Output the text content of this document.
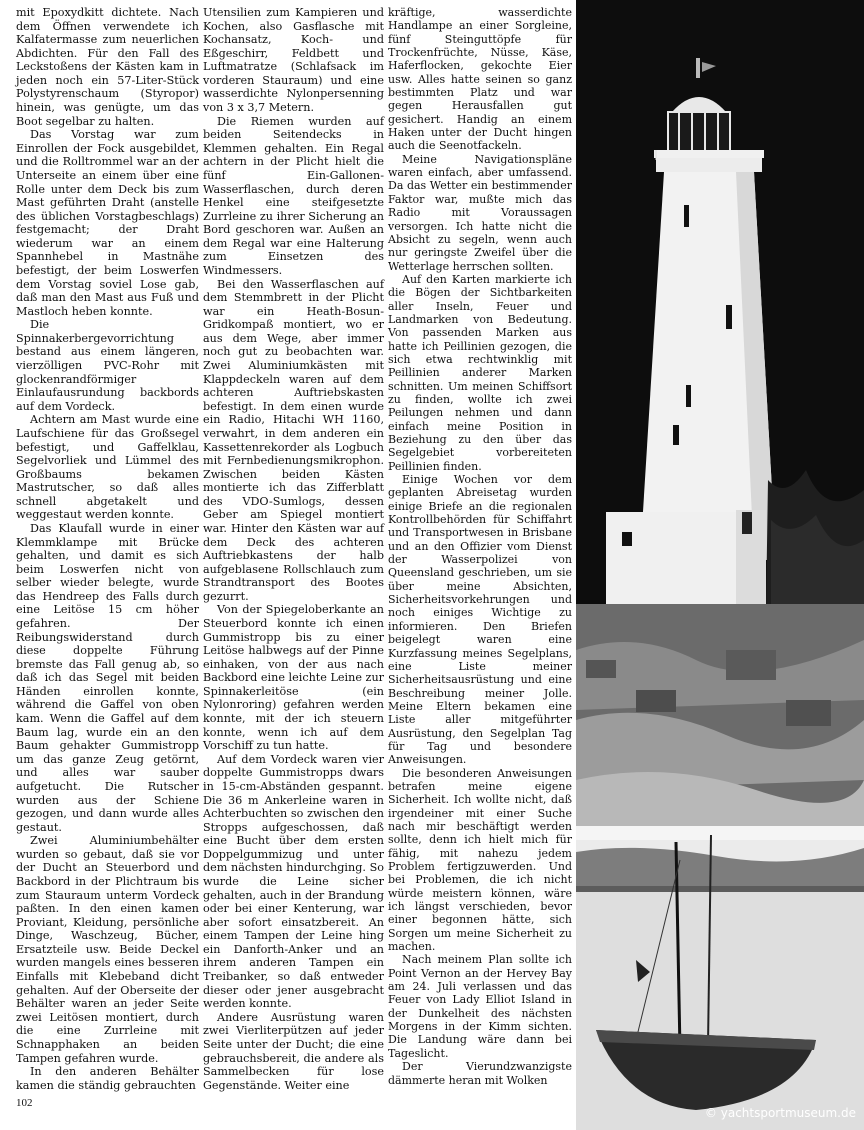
mit Epoxydkitt dichtete. Nach dem Öffnen verwendete ich Kalfatermasse zum neuerlichen Abdichten. Für den Fall des Leckstoßens der Kästen kam in jeden noch ein 57-Liter-Stück Polystyrenschaum (Styropor) hinein, was genügte, um das Boot segelbar zu halten.

Das Vorstag war zum Einrollen der Fock ausgebildet, und die Rolltrommel war an der Unterseite an einem über eine Rolle unter dem Deck bis zum Mast geführten Draht (anstelle des üblichen Vorstagbeschlags) festgemacht; der Draht wiederum war an einem Spannhebel in Mastnähe befestigt, der beim Loswerfen dem Vorstag soviel Lose gab, daß man den Mast aus Fuß und Mastloch heben konnte.

Die Spinnakerbergevorrichtung bestand aus einem längeren, vierzölligen PVC-Rohr mit glockenrandförmiger Einlaufausrundung backbords auf dem Vordeck.

Achtern am Mast wurde eine Laufschiene für das Großsegel befestigt, und Gaffelklau, Segelvorliek und Lümmel des Großbaums bekamen Mastrutscher, so daß alles schnell abgetakelt und weggestaut werden konnte.

Das Klaufall wurde in einer Klemmklampe mit Brücke gehalten, und damit es sich beim Loswerfen nicht von selber wieder belegte, wurde das Hendreep des Falls durch eine Leitöse 15 cm höher gefahren. Der Reibungswiderstand durch diese doppelte Führung bremste das Fall genug ab, so daß ich das Segel mit beiden Händen einrollen konnte, während die Gaffel von oben kam. Wenn die Gaffel auf dem Baum lag, wurde ein an den Baum gehakter Gummistropp um das ganze Zeug getörnt, und alles war sauber aufgetucht. Die Rutscher wurden aus der Schiene gezogen, und dann wurde alles gestaut.

Zwei Aluminiumbehälter wurden so gebaut, daß sie vor der Ducht an Steuerbord und Backbord in der Plichtraum bis zum Stauraum unterm Vordeck paßten. In den einen kamen Proviant, Kleidung, persönliche Dinge, Waschzeug, Bücher, Ersatzteile usw. Beide Deckel wurden mangels eines besseren Einfalls mit Klebeband dicht gehalten. Auf der Oberseite der Behälter waren an jeder Seite zwei Leitösen montiert, durch die eine Zurrleine mit Schnapphaken an beiden Tampen gefahren wurde.

In den anderen Behälter kamen die ständig gebrauchten

Utensilien zum Kampieren und Kochen, also Gasflasche mit Kochansatz, Koch- und Eßgeschirr, Feldbett und Luftmatratze (Schlafsack im vorderen Stauraum) und eine wasserdichte Nylonpersenning von 3 x 3,7 Metern.

Die Riemen wurden auf beiden Seitendecks in Klemmen gehalten. Ein Regal achtern in der Plicht hielt die fünf Ein-Gallonen-Wasserflaschen, durch deren Henkel eine steifgesetzte Zurrleine zu ihrer Sicherung an Bord geschoren war. Außen an dem Regal war eine Halterung zum Einsetzen des Windmessers.

Bei den Wasserflaschen auf dem Stemmbrett in der Plicht war ein Heath-Bosun-Gridkompaß montiert, wo er aus dem Wege, aber immer noch gut zu beobachten war. Zwei Aluminiumkästen mit Klappdeckeln waren auf dem achteren Auftriebskasten befestigt. In dem einen wurde ein Radio, Hitachi WH 1160, verwahrt, in dem anderen ein Kassettenrekorder als Logbuch mit Fernbedienungsmikrophon. Zwischen beiden Kästen montierte ich das Zifferblatt des VDO-Sumlogs, dessen Geber am Spiegel montiert war. Hinter den Kästen war auf dem Deck des achteren Auftriebkastens der halb aufgeblasene Rollschlauch zum Strandtransport des Bootes gezurrt.

Von der Spiegeloberkante an Steuerbord konnte ich einen Gummistropp bis zu einer Leitöse halbwegs auf der Pinne einhaken, von der aus nach Backbord eine leichte Leine zur Spinnakerleitöse (ein Nylonroring) gefahren werden konnte, mit der ich steuern konnte, wenn ich auf dem Vorschiff zu tun hatte.

Auf dem Vordeck waren vier doppelte Gummistropps dwars in 15-cm-Abständen gespannt. Die 36 m Ankerleine waren in Achterbuchten so zwischen den Stropps aufgeschossen, daß eine Bucht über dem ersten Doppelgummizug und unter dem nächsten hindurchging. So wurde die Leine sicher gehalten, auch in der Brandung oder bei einer Kenterung, war aber sofort einsatzbereit. An einem Tampen der Leine hing ein Danforth-Anker und an ihrem anderen Tampen ein Treibanker, so daß entweder dieser oder jener ausgebracht werden konnte.

Andere Ausrüstung waren zwei Vierliterpützen auf jeder Seite unter der Ducht; die eine gebrauchsbereit, die andere als Sammelbecken für lose Gegenstände. Weiter eine

kräftige, wasserdichte Handlampe an einer Sorgleine, fünf Steinguttöpfe für Trockenfrüchte, Nüsse, Käse, Haferflocken, gekochte Eier usw. Alles hatte seinen so ganz bestimmten Platz und war gegen Herausfallen gut gesichert. Handig an einem Haken unter der Ducht hingen auch die Seenotfackeln.

Meine Navigationspläne waren einfach, aber umfassend. Da das Wetter ein bestimmender Faktor war, mußte mich das Radio mit Voraussagen versorgen. Ich hatte nicht die Absicht zu segeln, wenn auch nur geringste Zweifel über die Wetterlage herrschen sollten.

Auf den Karten markierte ich die Bögen der Sichtbarkeiten aller Inseln, Feuer und Landmarken von Bedeutung. Von passenden Marken aus hatte ich Peillinien gezogen, die sich etwa rechtwinklig mit Peillinien anderer Marken schnitten. Um meinen Schiffsort zu finden, wollte ich zwei Peilungen nehmen und dann einfach meine Position in Beziehung zu den über das Segelgebiet vorbereiteten Peillinien finden.

Einige Wochen vor dem geplanten Abreisetag wurden einige Briefe an die regionalen Kontrollbehörden für Schiffahrt und Transportwesen in Brisbane und an den Offizier vom Dienst der Wasserpolizei von Queensland geschrieben, um sie über meine Absichten, Sicherheitsvorkehrungen und noch einiges Wichtige zu informieren. Den Briefen beigelegt waren eine Kurzfassung meines Segelplans, eine Liste meiner Sicherheitsausrüstung und eine Beschreibung meiner Jolle. Meine Eltern bekamen eine Liste aller mitgeführter Ausrüstung, den Segelplan Tag für Tag und besondere Anweisungen.

Die besonderen Anweisungen betrafen meine eigene Sicherheit. Ich wollte nicht, daß irgendeiner mit einer Suche nach mir beschäftigt werden sollte, denn ich hielt mich für fähig, mit nahezu jedem Problem fertigzuwerden. Und bei Problemen, die ich nicht würde meistern können, wäre ich längst verschieden, bevor einer begonnen hätte, sich Sorgen um meine Sicherheit zu machen.

Nach meinem Plan sollte ich Point Vernon an der Hervey Bay am 24. Juli verlassen und das Feuer von Lady Elliot Island in der Dunkelheit des nächsten Morgens in der Kimm sichten. Die Landung wäre dann bei Tageslicht.

Der Vierundzwanzigste dämmerte heran mit Wolken

102
© yachtsportmuseum.de
